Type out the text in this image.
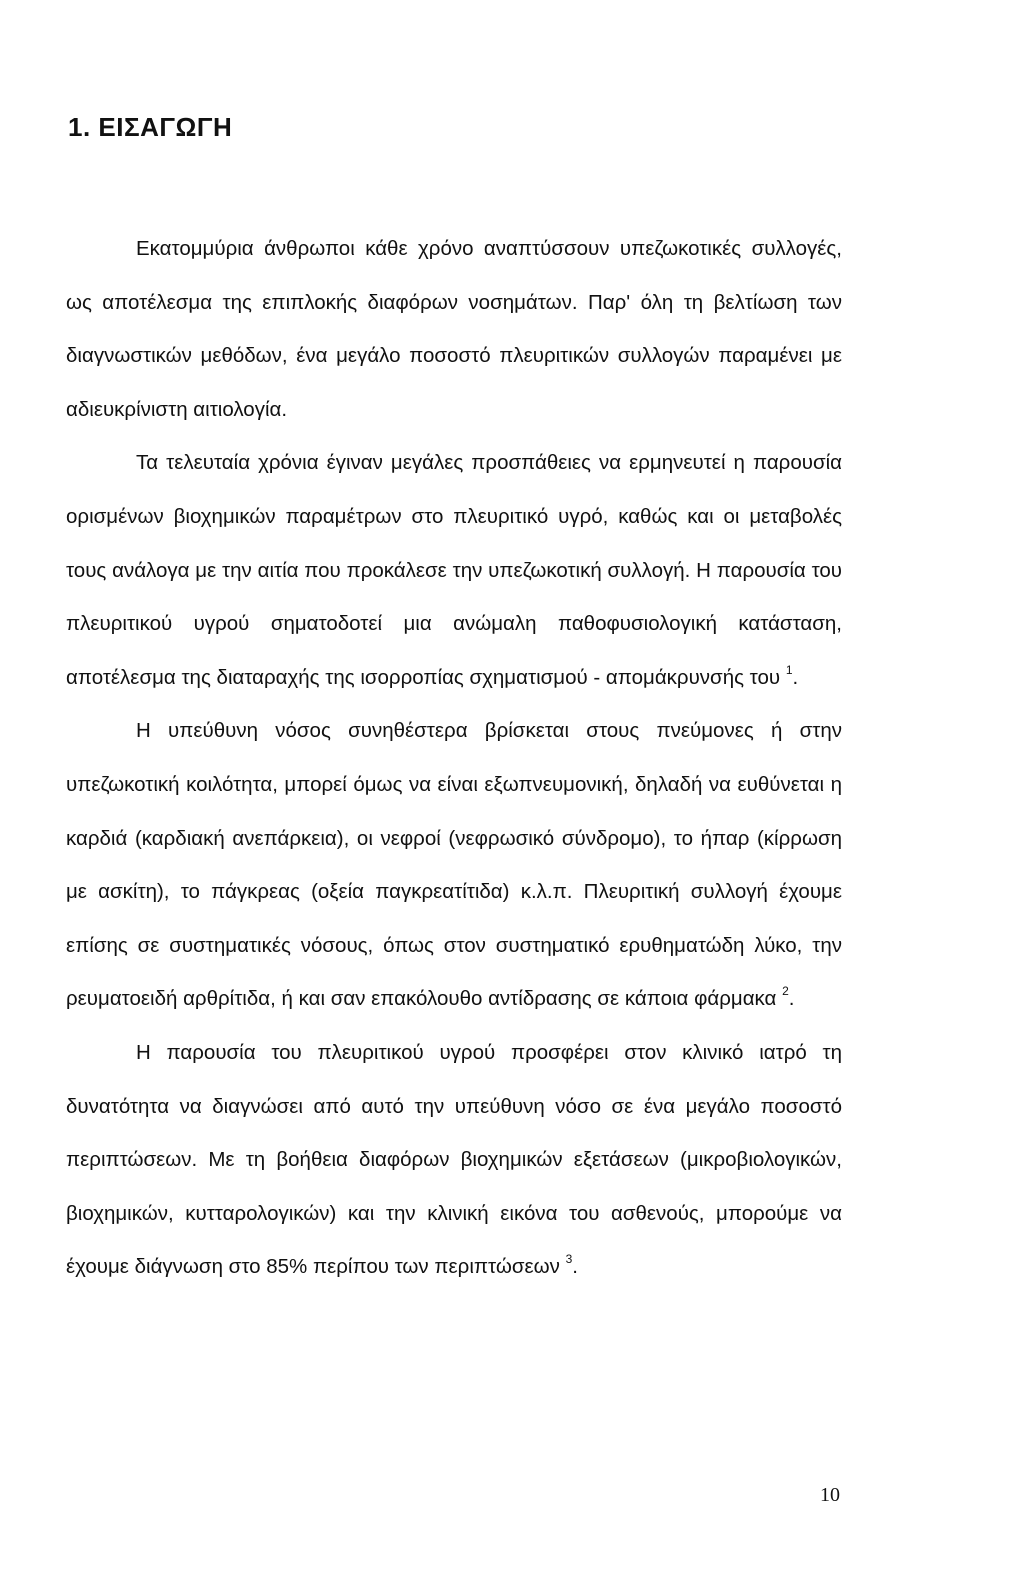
1. ΕΙΣΑΓΩΓΗ

Εκατομμύρια άνθρωποι κάθε χρόνο αναπτύσσουν υπεζωκοτικές συλλογές, ως αποτέλεσμα της επιπλοκής διαφόρων νοσημάτων. Παρ' όλη τη βελτίωση των διαγνωστικών μεθόδων, ένα μεγάλο ποσοστό πλευριτικών συλλογών παραμένει με αδιευκρίνιστη αιτιολογία.

Τα τελευταία χρόνια έγιναν μεγάλες προσπάθειες να ερμηνευτεί η παρουσία ορισμένων βιοχημικών παραμέτρων στο πλευριτικό υγρό, καθώς και οι μεταβολές τους ανάλογα με την αιτία που προκάλεσε την υπεζωκοτική συλλογή. Η παρουσία του πλευριτικού υγρού σηματοδοτεί μια ανώμαλη παθοφυσιολογική κατάσταση, αποτέλεσμα της διαταραχής της ισορροπίας σχηματισμού - απομάκρυνσής του $^1$.

Η υπεύθυνη νόσος συνηθέστερα βρίσκεται στους πνεύμονες ή στην υπεζωκοτική κοιλότητα, μπορεί όμως να είναι εξωπνευμονική, δηλαδή να ευθύνεται η καρδιά (καρδιακή ανεπάρκεια), οι νεφροί (νεφρωσικό σύνδρομο), το ήπαρ (κίρρωση με ασκίτη), το πάγκρεας (οξεία παγκρεατίτιδα) κ.λ.π. Πλευριτική συλλογή έχουμε επίσης σε συστηματικές νόσους, όπως στον συστηματικό ερυθηματώδη λύκο, την ρευματοειδή αρθρίτιδα, ή και σαν επακόλουθο αντίδρασης σε κάποια φάρμακα $^2$.

Η παρουσία του πλευριτικού υγρού προσφέρει στον κλινικό ιατρό τη δυνατότητα να διαγνώσει από αυτό την υπεύθυνη νόσο σε ένα μεγάλο ποσοστό περιπτώσεων. Με τη βοήθεια διαφόρων βιοχημικών εξετάσεων (μικροβιολογικών, βιοχημικών, κυτταρολογικών) και την κλινική εικόνα του ασθενούς, μπορούμε να έχουμε διάγνωση στο 85% περίπου των περιπτώσεων $^3$.

10
